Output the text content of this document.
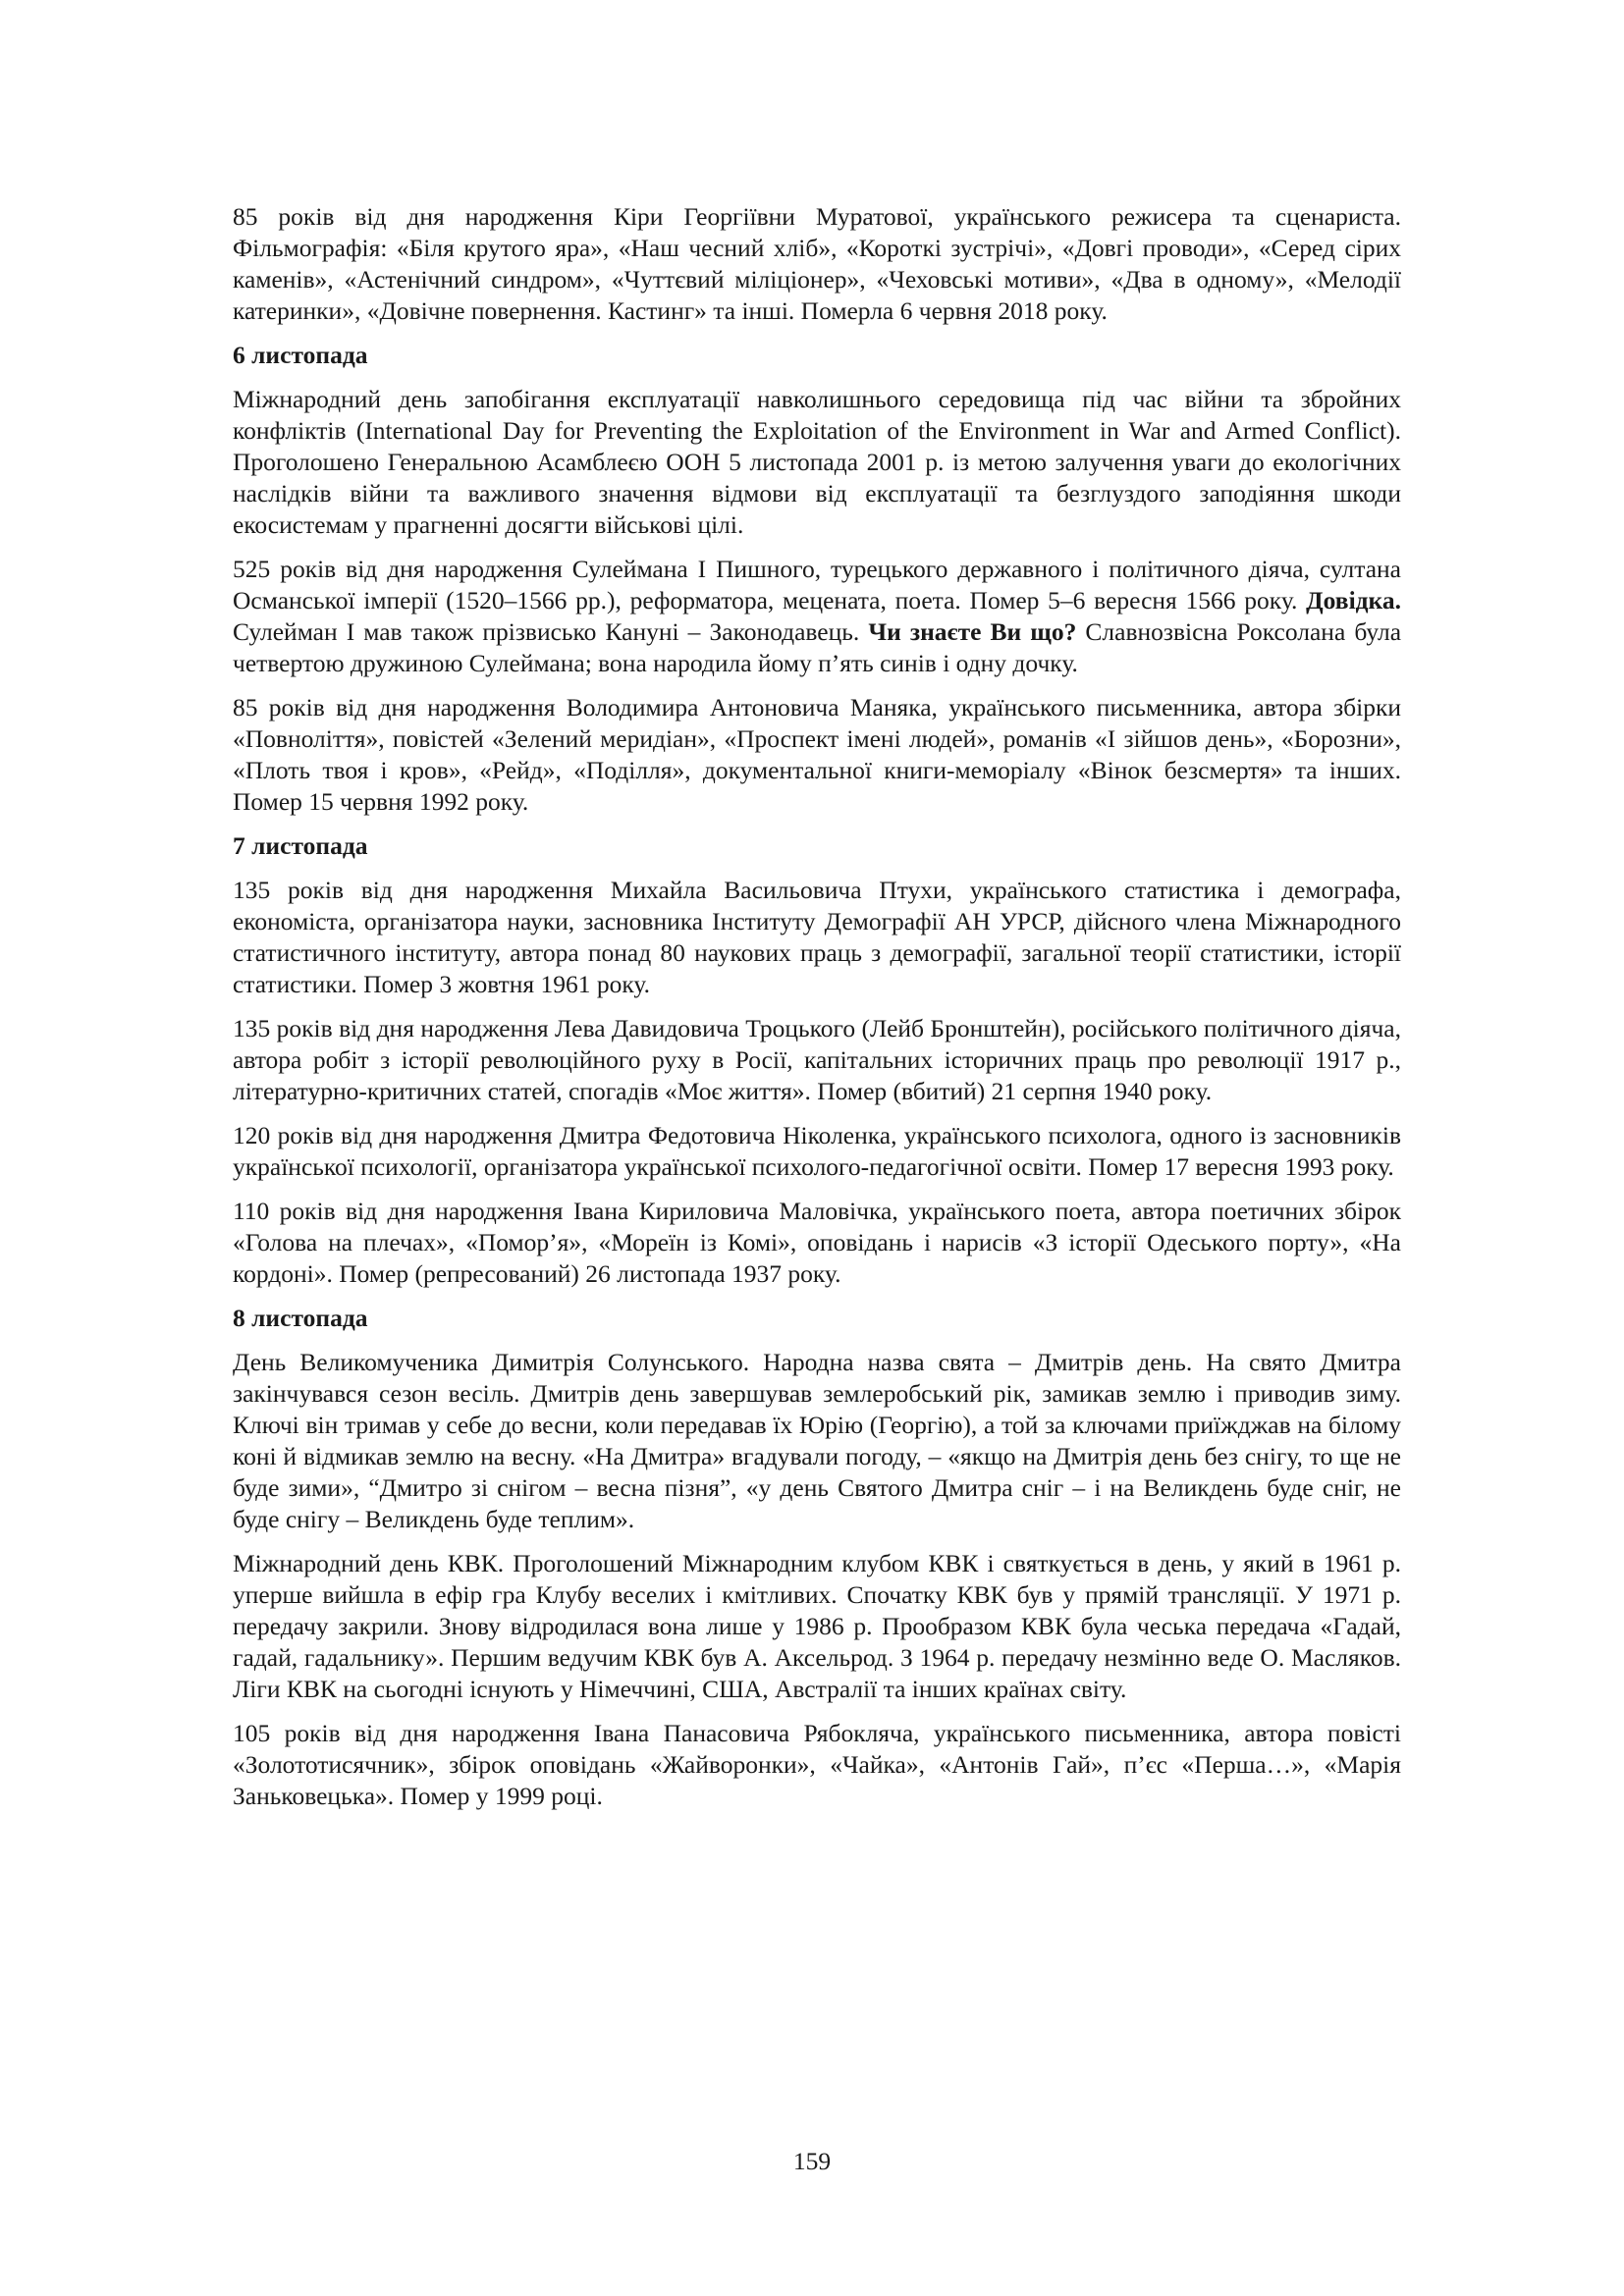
85 років від дня народження Кіри Георгіївни Муратової, українського режисера та сценариста. Фільмографія: «Біля крутого яра», «Наш чесний хліб», «Короткі зустрічі», «Довгі проводи», «Серед сірих каменів», «Астенічний синдром», «Чуттєвий міліціонер», «Чеховські мотиви», «Два в одному», «Мелодії катеринки», «Довічне повернення. Кастинг» та інші. Померла 6 червня 2018 року.

6 листопада

Міжнародний день запобігання експлуатації навколишнього середовища під час війни та збройних конфліктів (International Day for Preventing the Exploitation of the Environment in War and Armed Conflict). Проголошено Генеральною Асамблеєю ООН 5 листопада 2001 р. із метою залучення уваги до екологічних наслідків війни та важливого значення відмови від експлуатації та безглуздого заподіяння шкоди екосистемам у прагненні досягти військові цілі.

525 років від дня народження Сулеймана I Пишного, турецького державного і політичного діяча, султана Османської імперії (1520–1566 рр.), реформатора, мецената, поета. Помер 5–6 вересня 1566 року. Довідка. Сулейман I мав також прізвисько Кануні – Законодавець. Чи знаєте Ви що? Славнозвісна Роксолана була четвертою дружиною Сулеймана; вона народила йому п’ять синів і одну дочку.

85 років від дня народження Володимира Антоновича Маняка, українського письменника, автора збірки «Повноліття», повістей «Зелений меридіан», «Проспект імені людей», романів «І зійшов день», «Борозни», «Плоть твоя і кров», «Рейд», «Поділля», документальної книги-меморіалу «Вінок безсмертя» та інших. Помер 15 червня 1992 року.

7 листопада

135 років від дня народження Михайла Васильовича Птухи, українського статистика і демографа, економіста, організатора науки, засновника Інституту Демографії АН УРСР, дійсного члена Міжнародного статистичного інституту, автора понад 80 наукових праць з демографії, загальної теорії статистики, історії статистики. Помер 3 жовтня 1961 року.

135 років від дня народження Лева Давидовича Троцького (Лейб Бронштейн), російського політичного діяча, автора робіт з історії революційного руху в Росії, капітальних історичних праць про революції 1917 р., літературно-критичних статей, спогадів «Моє життя». Помер (вбитий) 21 серпня 1940 року.

120 років від дня народження Дмитра Федотовича Ніколенка, українського психолога, одного із засновників української психології, організатора української психолого-педагогічної освіти. Помер 17 вересня 1993 року.

110 років від дня народження Івана Кириловича Маловічка, українського поета, автора поетичних збірок «Голова на плечах», «Помор’я», «Мореїн із Комі», оповідань і нарисів «З історії Одеського порту», «На кордоні». Помер (репресований) 26 листопада 1937 року.

8 листопада

День Великомученика Димитрія Солунського. Народна назва свята – Дмитрів день. На свято Дмитра закінчувався сезон весіль. Дмитрів день завершував землеробський рік, замикав землю і приводив зиму. Ключі він тримав у себе до весни, коли передавав їх Юрію (Георгію), а той за ключами приїжджав на білому коні й відмикав землю на весну. «На Дмитра» вгадували погоду, – «якщо на Дмитрія день без снігу, то ще не буде зими», “Дмитро зі снігом – весна пізня”, «у день Святого Дмитра сніг – і на Великдень буде сніг, не буде снігу – Великдень буде теплим».

Міжнародний день КВК. Проголошений Міжнародним клубом КВК і святкується в день, у який в 1961 р. уперше вийшла в ефір гра Клубу веселих і кмітливих. Спочатку КВК був у прямій трансляції. У 1971 р. передачу закрили. Знову відродилася вона лише у 1986 р. Прообразом КВК була чеська передача «Гадай, гадай, гадальнику». Першим ведучим КВК був А. Аксельрод. З 1964 р. передачу незмінно веде О. Масляков. Ліги КВК на сьогодні існують у Німеччині, США, Австралії та інших країнах світу.

105 років від дня народження Івана Панасовича Рябокляча, українського письменника, автора повісті «Золототисячник», збірок оповідань «Жайворонки», «Чайка», «Антонів Гай», п’єс «Перша…», «Марія Заньковецька». Помер у 1999 році.

159
